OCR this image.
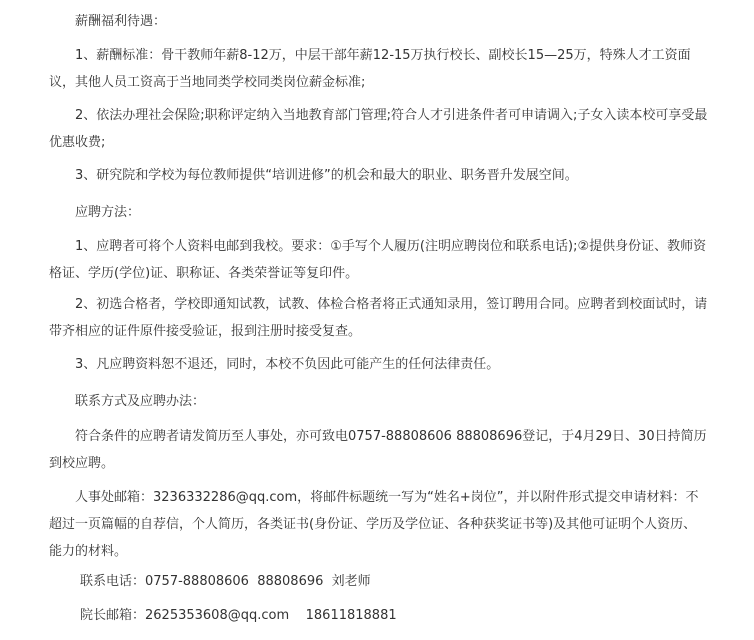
薪酬福利待遇：

1、薪酬标准：骨干教师年薪8-12万，中层干部年薪12-15万执行校长、副校长15—25万，特殊人才工资面议，其他人员工资高于当地同类学校同类岗位薪金标准;

2、依法办理社会保险;职称评定纳入当地教育部门管理;符合人才引进条件者可申请调入;子女入读本校可享受最优惠收费;

3、研究院和学校为每位教师提供“培训进修”的机会和最大的职业、职务晋升发展空间。

应聘方法：

1、应聘者可将个人资料电邮到我校。要求：①手写个人履历(注明应聘岗位和联系电话);②提供身份证、教师资格证、学历(学位)证、职称证、各类荣誉证等复印件。

2、初选合格者，学校即通知试教，试教、体检合格者将正式通知录用，签订聘用合同。应聘者到校面试时，请带齐相应的证件原件接受验证，报到注册时接受复查。

3、凡应聘资料恕不退还，同时，本校不负因此可能产生的任何法律责任。

联系方式及应聘办法：

符合条件的应聘者请发简历至人事处，亦可致电0757-88808606 88808696登记，于4月29日、30日持简历到校应聘。

人事处邮箱：3236332286@qq.com，将邮件标题统一写为“姓名+岗位”，并以附件形式提交申请材料：不超过一页篇幅的自荐信，个人简历，各类证书(身份证、学历及学位证、各种获奖证书等)及其他可证明个人资历、能力的材料。

联系电话：0757-88808606  88808696  刘老师

院长邮箱：2625353608@qq.com    18611818881
